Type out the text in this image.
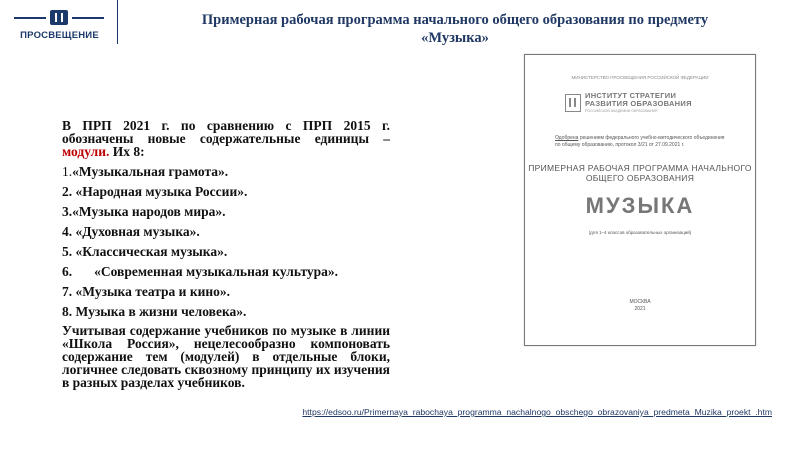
ПРОСВЕЩЕНИЕ
Примерная рабочая программа начального общего образования по предмету
«Музыка»

В ПРП 2021 г. по сравнению с ПРП 2015 г. обозначены новые содержательные единицы – модули. Их 8:

1.«Музыкальная грамота».
2. «Народная музыка России».
3.«Музыка народов мира».
4. «Духовная музыка».
5. «Классическая музыка».
6. «Современная музыкальная культура».
7. «Музыка театра и кино».
8. Музыка в жизни человека».

Учитывая содержание учебников по музыке в линии «Школа Россия», нецелесообразно компоновать содержание тем (модулей) в отдельные блоки, логичнее следовать сквозному принципу их изучения в разных разделах учебников.

МИНИСТЕРСТВО ПРОСВЕЩЕНИЯ РОССИЙСКОЙ ФЕДЕРАЦИИ
ИНСТИТУТ СТРАТЕГИИ РАЗВИТИЯ ОБРАЗОВАНИЯ
РОССИЙСКОЙ АКАДЕМИИ ОБРАЗОВАНИЯ
Одобрена решением федерального учебно-методического объединения по общему образованию, протокол 3/21 от 27.09.2021 г.
ПРИМЕРНАЯ РАБОЧАЯ ПРОГРАММА НАЧАЛЬНОГО ОБЩЕГО ОБРАЗОВАНИЯ
МУЗЫКА
(для 1–4 классов образовательных организаций)
МОСКВА
2021
https://edsoo.ru/Primernaya_rabochaya_programma_nachalnogo_obschego_obrazovaniya_predmeta_Muzika_proekt_.htm
